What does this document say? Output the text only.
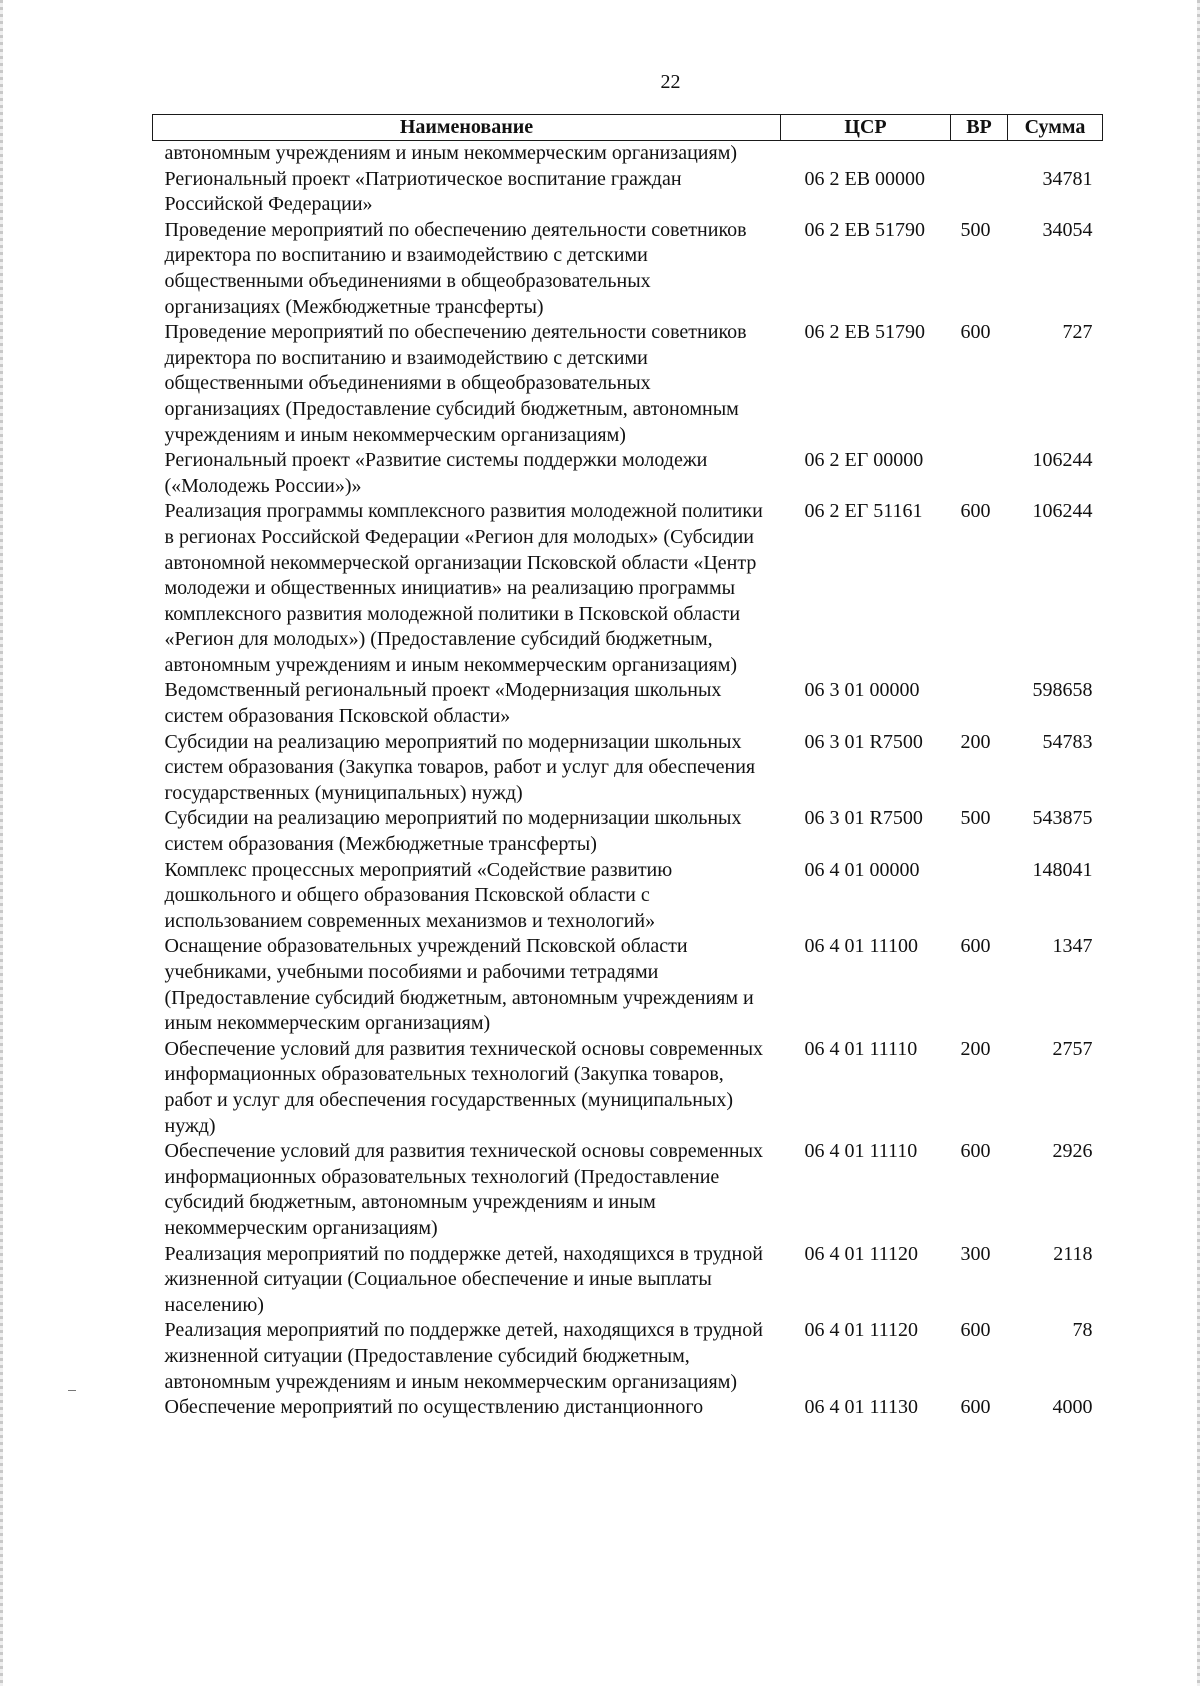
22
Наименование	ЦСР	ВР	Сумма
автономным учреждениям и иным некоммерческим организациям)			
Региональный проект «Патриотическое воспитание граждан Российской Федерации»	06 2 ЕВ 00000		34781
Проведение мероприятий по обеспечению деятельности советников директора по воспитанию и взаимодействию с детскими общественными объединениями в общеобразовательных организациях (Межбюджетные трансферты)	06 2 ЕВ 51790	500	34054
Проведение мероприятий по обеспечению деятельности советников директора по воспитанию и взаимодействию с детскими общественными объединениями в общеобразовательных организациях (Предоставление субсидий бюджетным, автономным учреждениям и иным некоммерческим организациям)	06 2 ЕВ 51790	600	727
Региональный проект «Развитие системы поддержки молодежи («Молодежь России»)»	06 2 ЕГ 00000		106244
Реализация программы комплексного развития молодежной политики в регионах Российской Федерации «Регион для молодых» (Субсидии автономной некоммерческой организации Псковской области «Центр молодежи и общественных инициатив» на реализацию программы комплексного развития молодежной политики в Псковской области «Регион для молодых») (Предоставление субсидий бюджетным, автономным учреждениям и иным некоммерческим организациям)	06 2 ЕГ 51161	600	106244
Ведомственный региональный проект «Модернизация школьных систем образования Псковской области»	06 3 01 00000		598658
Субсидии на реализацию мероприятий по модернизации школьных систем образования (Закупка товаров, работ и услуг для обеспечения государственных (муниципальных) нужд)	06 3 01 R7500	200	54783
Субсидии на реализацию мероприятий по модернизации школьных систем образования (Межбюджетные трансферты)	06 3 01 R7500	500	543875
Комплекс процессных мероприятий «Содействие развитию дошкольного и общего образования Псковской области с использованием современных механизмов и технологий»	06 4 01 00000		148041
Оснащение образовательных учреждений Псковской области учебниками, учебными пособиями и рабочими тетрадями (Предоставление субсидий бюджетным, автономным учреждениям и иным некоммерческим организациям)	06 4 01 11100	600	1347
Обеспечение условий для развития технической основы современных информационных образовательных технологий (Закупка товаров, работ и услуг для обеспечения государственных (муниципальных) нужд)	06 4 01 11110	200	2757
Обеспечение условий для развития технической основы современных информационных образовательных технологий (Предоставление субсидий бюджетным, автономным учреждениям и иным некоммерческим организациям)	06 4 01 11110	600	2926
Реализация мероприятий по поддержке детей, находящихся в трудной жизненной ситуации (Социальное обеспечение и иные выплаты населению)	06 4 01 11120	300	2118
Реализация мероприятий по поддержке детей, находящихся в трудной жизненной ситуации (Предоставление субсидий бюджетным, автономным учреждениям и иным некоммерческим организациям)	06 4 01 11120	600	78
Обеспечение мероприятий по осуществлению дистанционного	06 4 01 11130	600	4000
